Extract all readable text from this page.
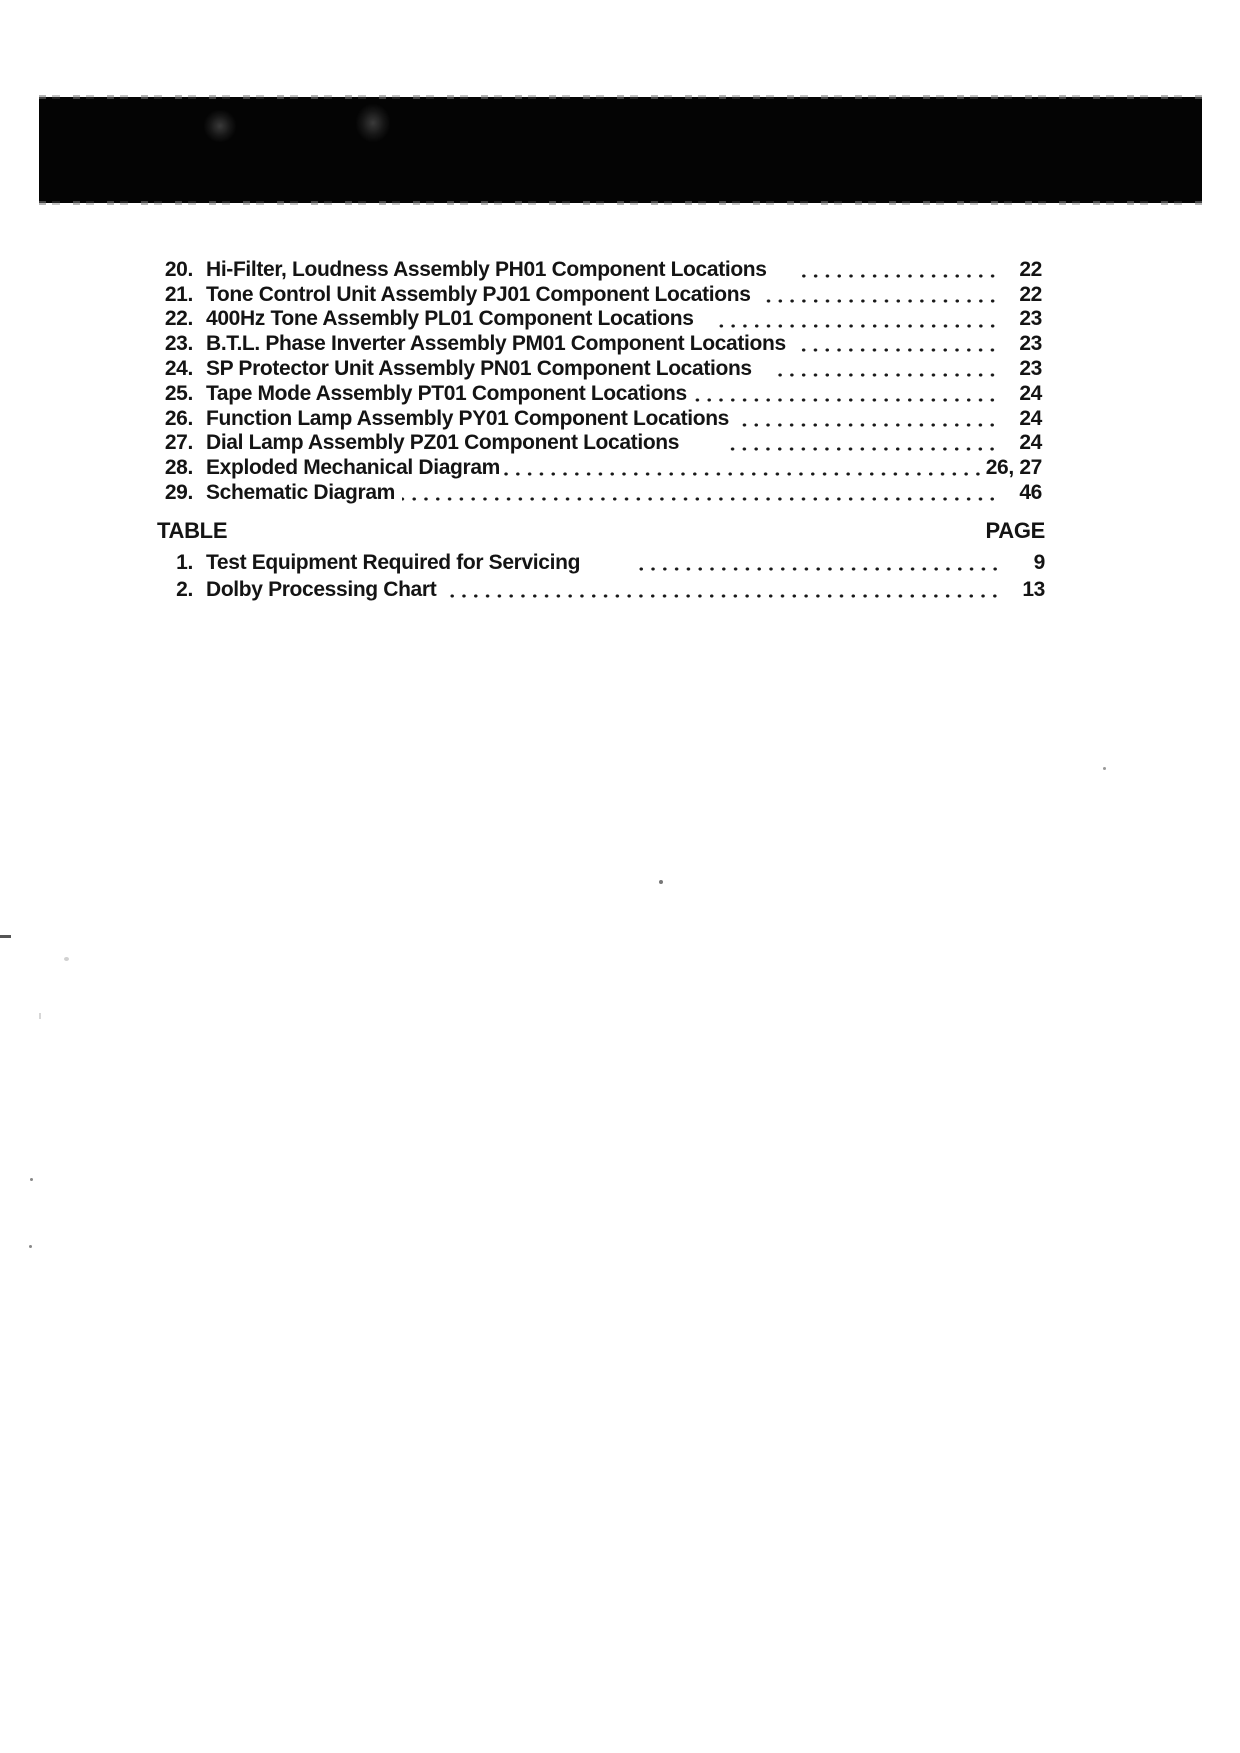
20. Hi-Filter, Loudness Assembly PH01 Component Locations	22
21. Tone Control Unit Assembly PJ01 Component Locations	22
22. 400Hz Tone Assembly PL01 Component Locations	23
23. B.T.L. Phase Inverter Assembly PM01 Component Locations	23
24. SP Protector Unit Assembly PN01 Component Locations	23
25. Tape Mode Assembly PT01 Component Locations	24
26. Function Lamp Assembly PY01 Component Locations	24
27. Dial Lamp Assembly PZ01 Component Locations	24
28. Exploded Mechanical Diagram	26, 27
29. Schematic Diagram	46
TABLE	PAGE
1. Test Equipment Required for Servicing	9
2. Dolby Processing Chart	13
